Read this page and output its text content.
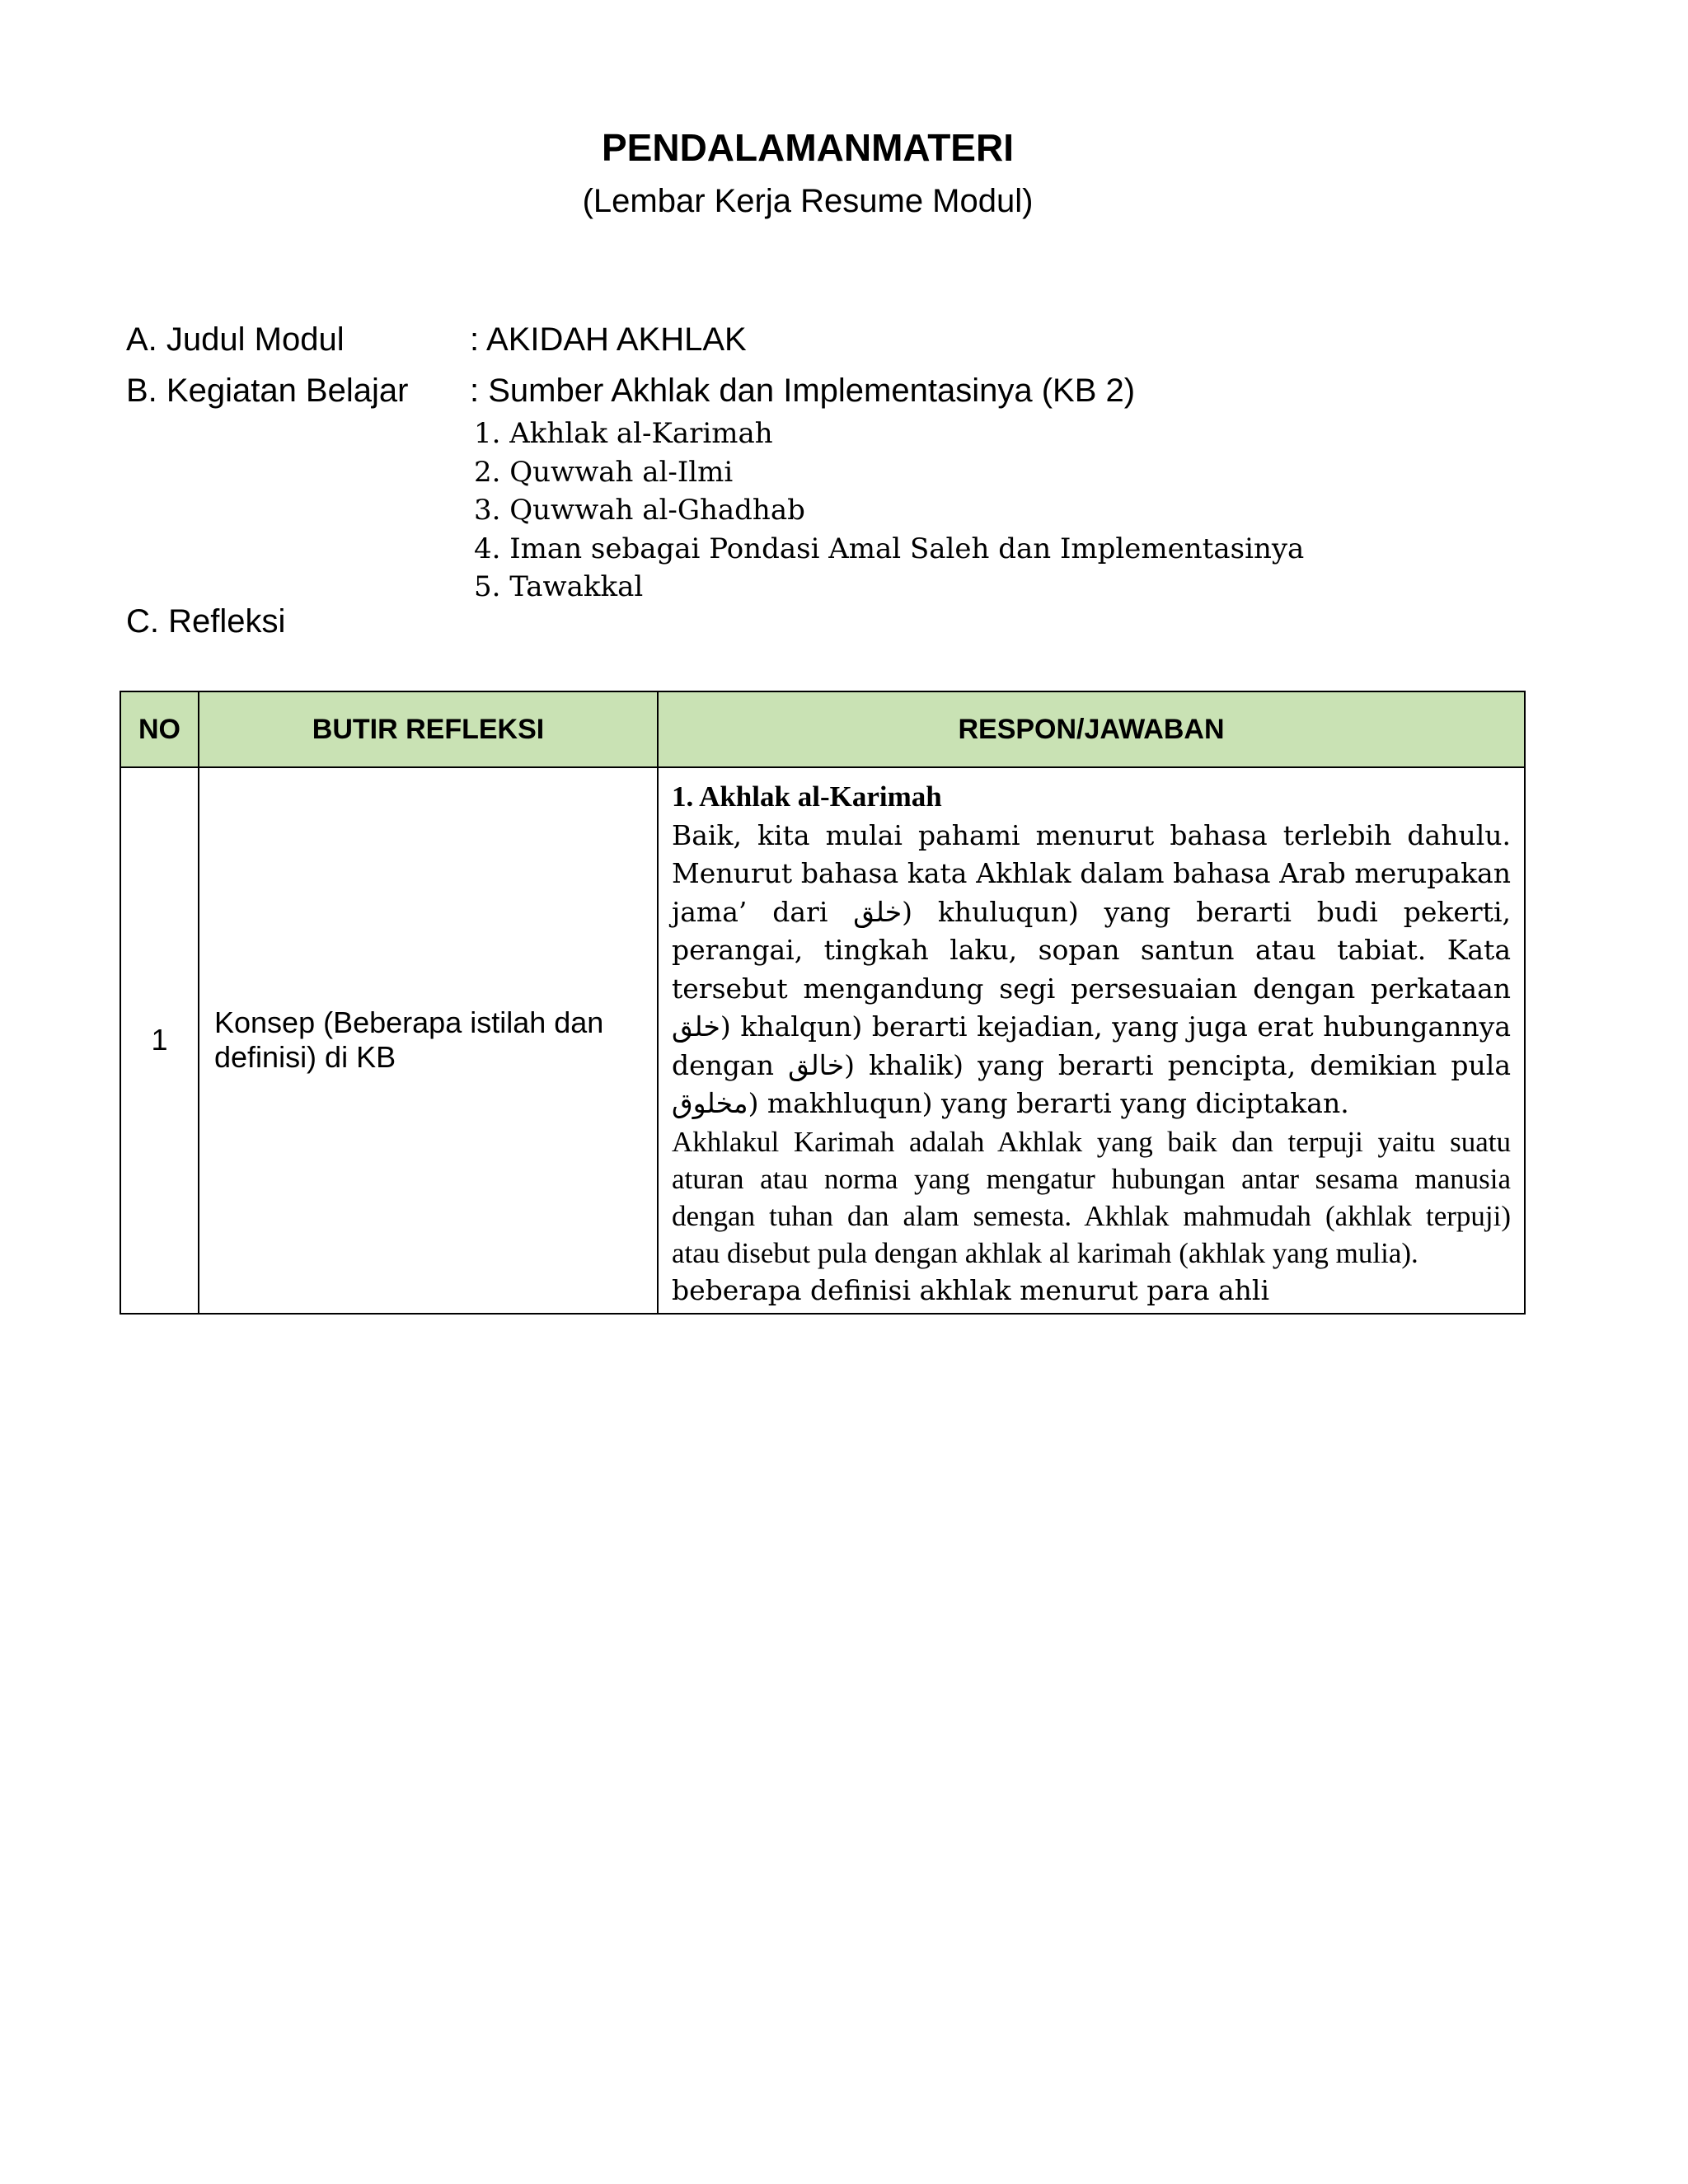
PENDALAMANMATERI
(Lembar Kerja Resume Modul)
A. Judul Modul	: AKIDAH AKHLAK
B. Kegiatan Belajar : Sumber Akhlak dan Implementasinya (KB 2)
1. Akhlak al-Karimah
2. Quwwah al-Ilmi
3. Quwwah al-Ghadhab
4. Iman sebagai Pondasi Amal Saleh dan Implementasinya
5. Tawakkal
C. Refleksi
NO	BUTIR REFLEKSI	RESPON/JAWABAN
1	Konsep (Beberapa istilah dan definisi) di KB	1. Akhlak al-Karimah
Baik, kita mulai pahami menurut bahasa terlebih dahulu. Menurut bahasa kata Akhlak dalam bahasa Arab merupakan jama’ dari خلق) khuluqun) yang berarti budi pekerti, perangai, tingkah laku, sopan santun atau tabiat. Kata tersebut mengandung segi persesuaian dengan perkataan خلق) khalqun) berarti kejadian, yang juga erat hubungannya dengan خالق) khalik) yang berarti pencipta, demikian pula مخلوق) makhluqun) yang berarti yang diciptakan.
Akhlakul Karimah adalah Akhlak yang baik dan terpuji yaitu suatu aturan atau norma yang mengatur hubungan antar sesama manusia dengan tuhan dan alam semesta. Akhlak mahmudah (akhlak terpuji) atau disebut pula dengan akhlak al karimah (akhlak yang mulia).
beberapa definisi akhlak menurut para ahli
